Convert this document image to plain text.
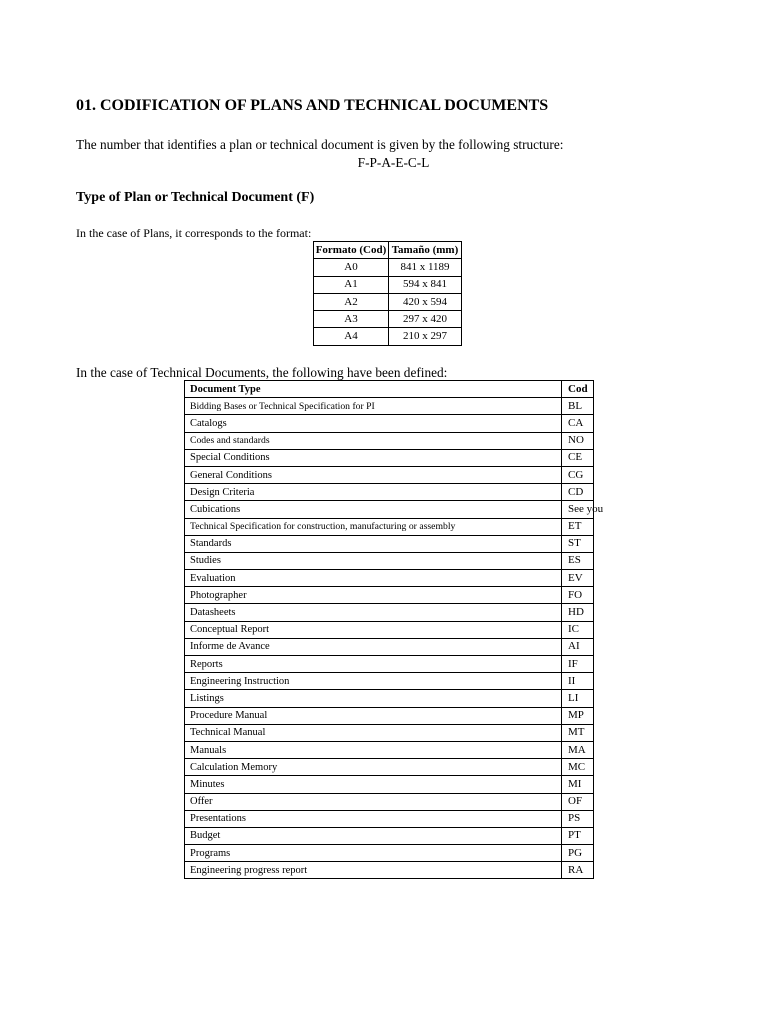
01. CODIFICATION OF PLANS AND TECHNICAL DOCUMENTS

The number that identifies a plan or technical document is given by the following structure:

F-P-A-E-C-L

Type of Plan or Technical Document (F)

In the case of Plans, it corresponds to the format:

Formato (Cod)	Tamaño (mm)
A0	841 x 1189
A1	594 x 841
A2	420 x 594
A3	297 x 420
A4	210 x 297

In the case of Technical Documents, the following have been defined:

Document Type	Cod
Bidding Bases or Technical Specification for PI	BL
Catalogs	CA
Codes and standards	NO
Special Conditions	CE
General Conditions	CG
Design Criteria	CD
Cubications	See you
Technical Specification for construction, manufacturing or assembly	ET
Standards	ST
Studies	ES
Evaluation	EV
Photographer	FO
Datasheets	HD
Conceptual Report	IC
Informe de Avance	AI
Reports	IF
Engineering Instruction	II
Listings	LI
Procedure Manual	MP
Technical Manual	MT
Manuals	MA
Calculation Memory	MC
Minutes	MI
Offer	OF
Presentations	PS
Budget	PT
Programs	PG
Engineering progress report	RA
